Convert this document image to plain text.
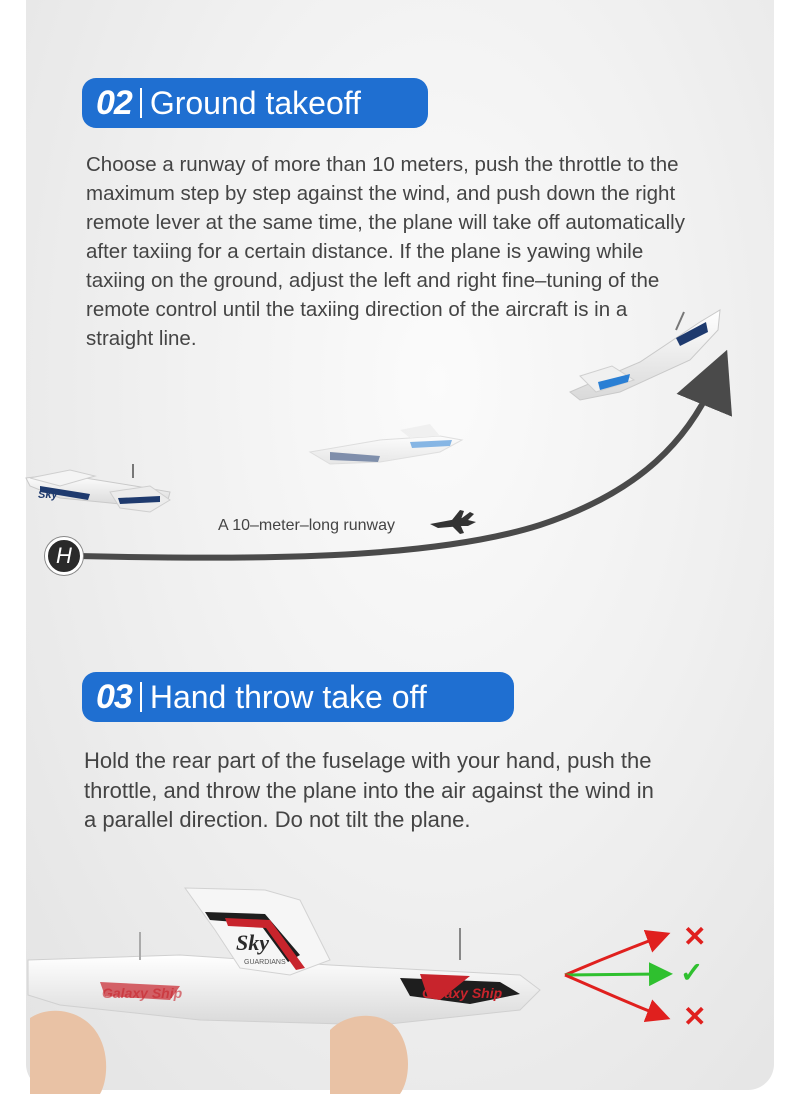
Sky
Sky
GUARDIANS
Galaxy Ship
Galaxy Ship
02 Ground takeoff
Choose a runway of more than 10 meters, push the throttle to the
maximum step by step against the wind, and push down the right
remote lever at the same time, the plane will take off automatically
after taxiing for a certain distance. If the plane is yawing while
taxiing on the ground, adjust the left and right fine–tuning of the
remote control until the taxiing direction of the aircraft is in a
straight line.
A 10–meter–long runway
H
03 Hand throw take off
Hold the rear part of the fuselage with your hand, push the
throttle, and throw the plane into the air against the wind in
a parallel direction. Do not tilt the plane.
✕
✓
✕
